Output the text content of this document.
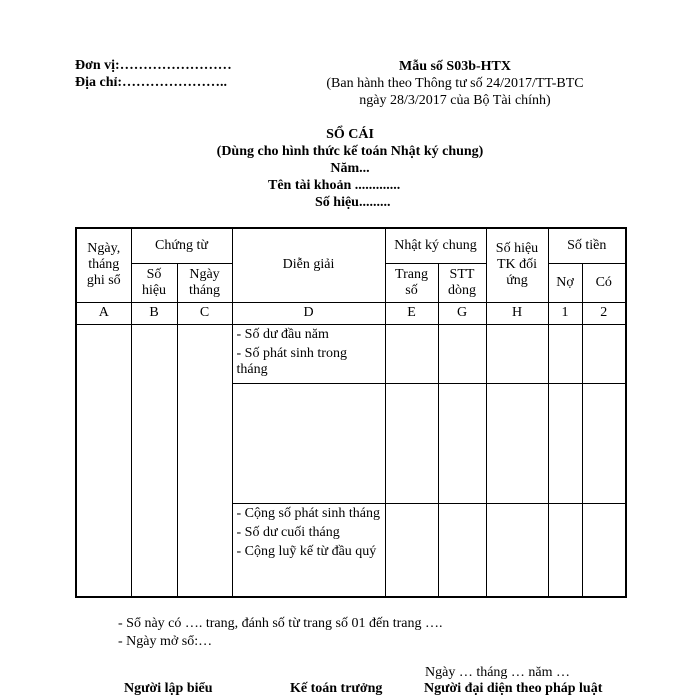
Đơn vị:……………………
Địa chỉ:…………………..
Mẫu số S03b-HTX
(Ban hành theo Thông tư số 24/2017/TT-BTC
ngày 28/3/2017 của Bộ Tài chính)
SỔ CÁI
(Dùng cho hình thức kế toán Nhật ký chung)
Năm...
Tên tài khoản .............
Số hiệu.........
Ngày, tháng ghi sổ	Chứng từ		Diễn giải	Nhật ký chung		Số hiệu TK đối ứng	Số tiền	
	Số hiệu	Ngày tháng		Trang số	STT dòng		Nợ	Có
A	B	C	D	E	G	H	1	2

			- Số dư đầu năm
- Số phát sinh trong tháng					

			- Cộng số phát sinh tháng
- Số dư cuối tháng
- Cộng luỹ kế từ đầu quý					

- Sổ này có …. trang, đánh số từ trang số 01 đến trang ….
- Ngày mở sổ:…
Ngày … tháng … năm …
Người lập biểu	Kế toán trưởng	Người đại diện theo pháp luật
